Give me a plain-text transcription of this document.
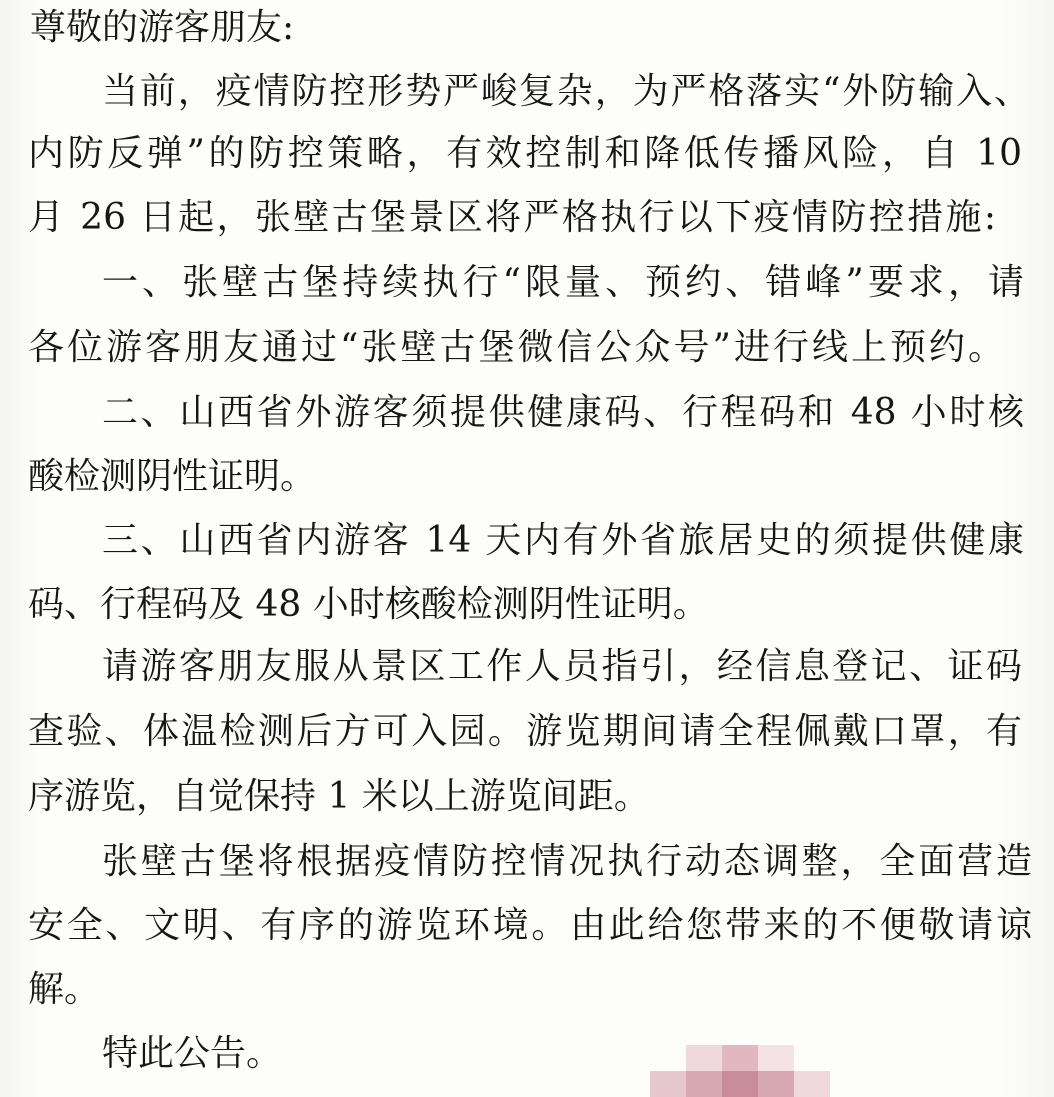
尊敬的游客朋友:
当前，疫情防控形势严峻复杂，为严格落实“外防输入、
内防反弹”的防控策略，有效控制和降低传播风险，自 10
月 26 日起，张壁古堡景区将严格执行以下疫情防控措施:
一、张壁古堡持续执行“限量、预约、错峰”要求，请
各位游客朋友通过“张壁古堡微信公众号”进行线上预约。
二、山西省外游客须提供健康码、行程码和 48 小时核
酸检测阴性证明。
三、山西省内游客 14 天内有外省旅居史的须提供健康
码、行程码及 48 小时核酸检测阴性证明。
请游客朋友服从景区工作人员指引，经信息登记、证码
查验、体温检测后方可入园。游览期间请全程佩戴口罩，有
序游览，自觉保持 1 米以上游览间距。
张壁古堡将根据疫情防控情况执行动态调整，全面营造
安全、文明、有序的游览环境。由此给您带来的不便敬请谅
解。
特此公告。
